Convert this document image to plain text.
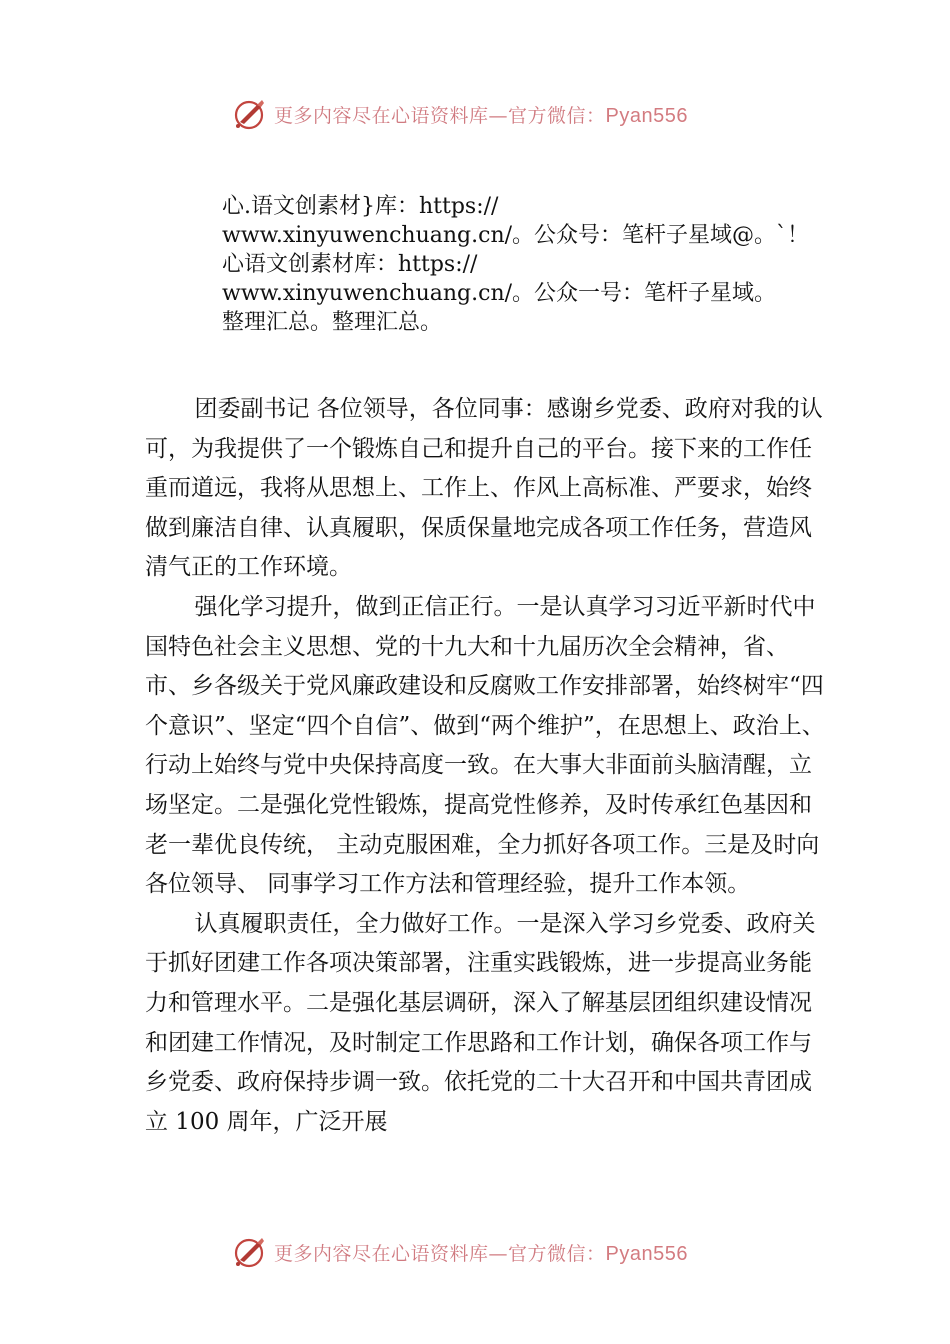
更多内容尽在心语资料库—官方微信：Pyan556
心.语文创素材}库：https://
www.xinyuwenchuang.cn/。公众号：笔杆子星域@。`！
心语文创素材库：https://
www.xinyuwenchuang.cn/。公众一号：笔杆子星域。
整理汇总。整理汇总。

团委副书记 各位领导，各位同事：感谢乡党委、政府对我的认可，为我提供了一个锻炼自己和提升自己的平台。接下来的工作任重而道远，我将从思想上、工作上、作风上高标准、严要求，始终做到廉洁自律、认真履职，保质保量地完成各项工作任务，营造风清气正的工作环境。

强化学习提升，做到正信正行。一是认真学习习近平新时代中国特色社会主义思想、党的十九大和十九届历次全会精神，省、市、乡各级关于党风廉政建设和反腐败工作安排部署，始终树牢“四个意识”、坚定“四个自信”、做到“两个维护”，在思想上、政治上、行动上始终与党中央保持高度一致。在大事大非面前头脑清醒，立场坚定。二是强化党性锻炼，提高党性修养，及时传承红色基因和老一辈优良传统， 主动克服困难，全力抓好各项工作。三是及时向各位领导、 同事学习工作方法和管理经验，提升工作本领。

认真履职责任，全力做好工作。一是深入学习乡党委、政府关于抓好团建工作各项决策部署，注重实践锻炼，进一步提高业务能力和管理水平。二是强化基层调研，深入了解基层团组织建设情况和团建工作情况，及时制定工作思路和工作计划，确保各项工作与乡党委、政府保持步调一致。依托党的二十大召开和中国共青团成立 100 周年，广泛开展

更多内容尽在心语资料库—官方微信：Pyan556
